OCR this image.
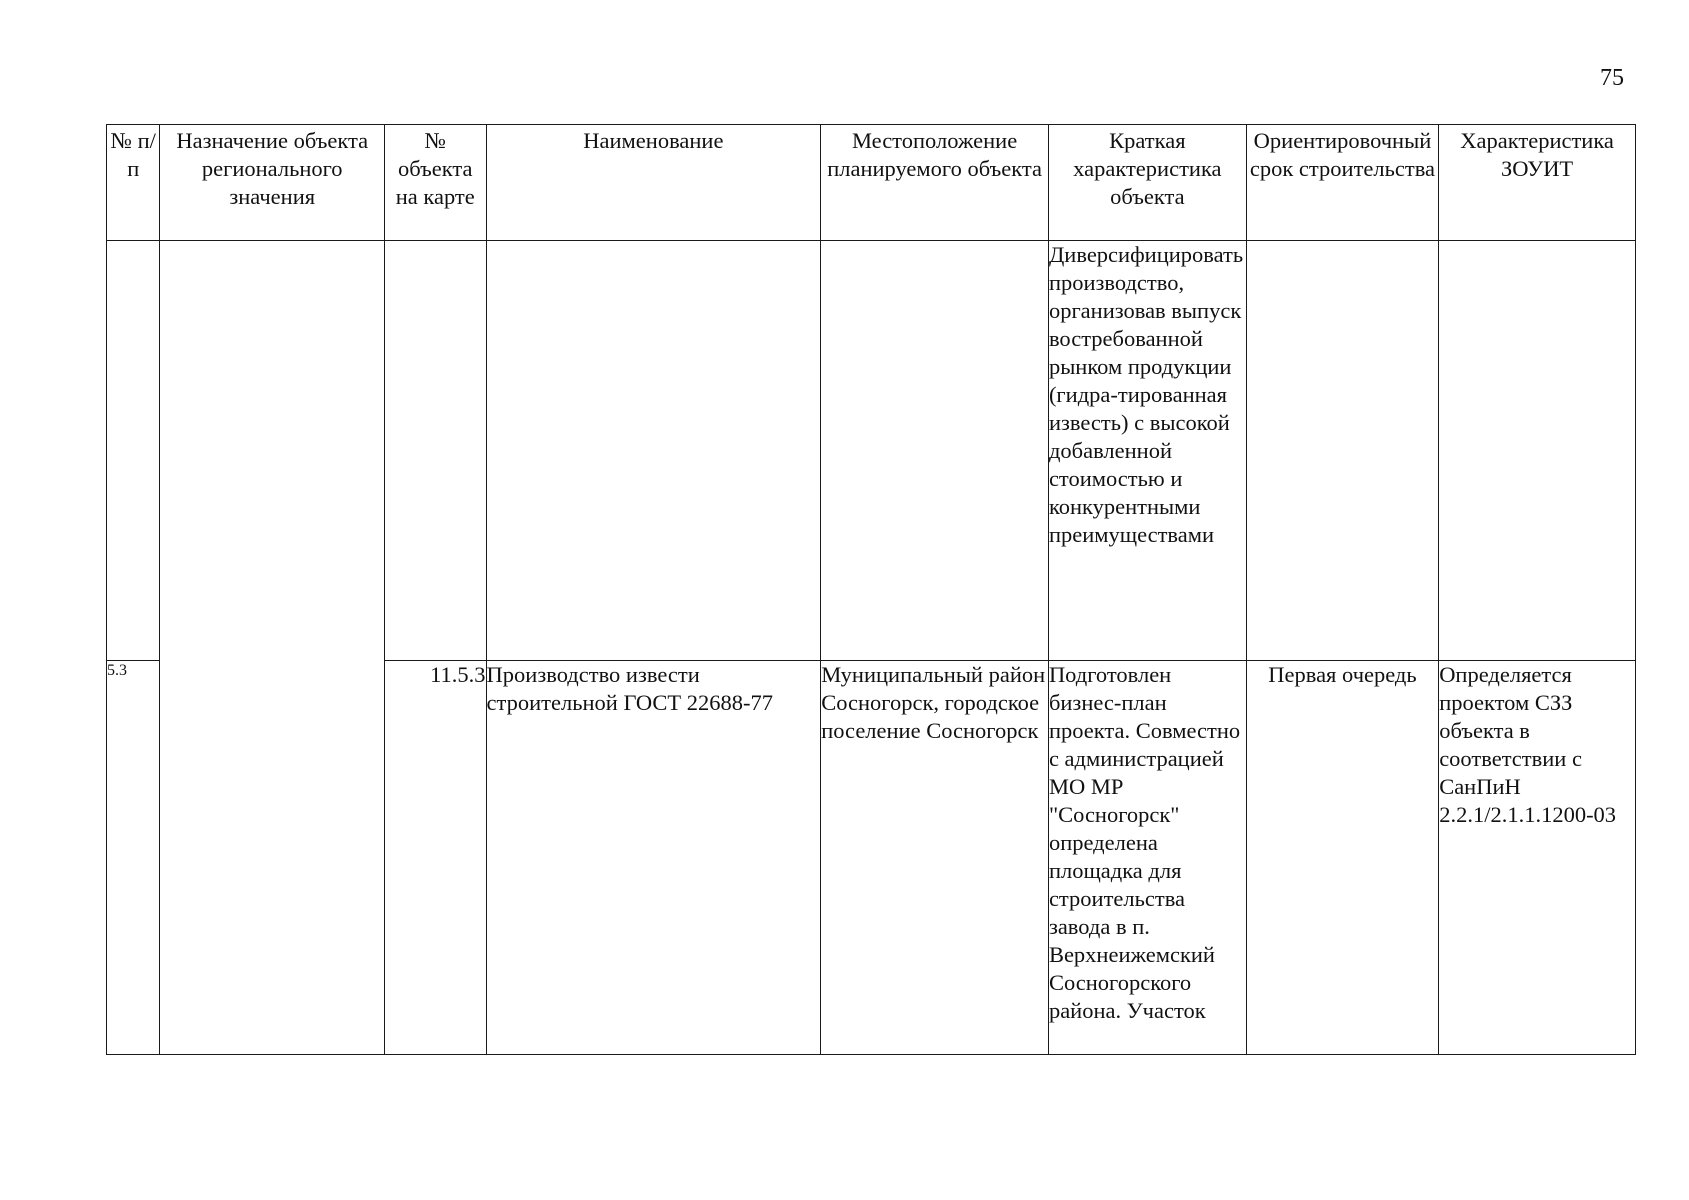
75
№ п/п	Назначение объекта регионального значения	№ объекта на карте	Наименование	Местоположение планируемого объекта	Краткая характеристика объекта	Ориентировочный срок строительства	Характеристика ЗОУИТ
					Диверсифицировать производство, организовав выпуск востребованной рынком продукции (гидра-тированная известь) с высокой добавленной стоимостью и конкурентными преимуществами		
5.3		11.5.3	Производство извести строительной ГОСТ 22688-77	Муниципальный район Сосногорск, городское поселение Сосногорск	Подготовлен бизнес-план проекта. Совместно с администрацией МО МР "Сосногорск" определена площадка для строительства завода в п. Верхнеижемский Сосногорского района. Участок	Первая очередь	Определяется проектом СЗЗ объекта в соответствии с СанПиН 2.2.1/2.1.1.1200-03
